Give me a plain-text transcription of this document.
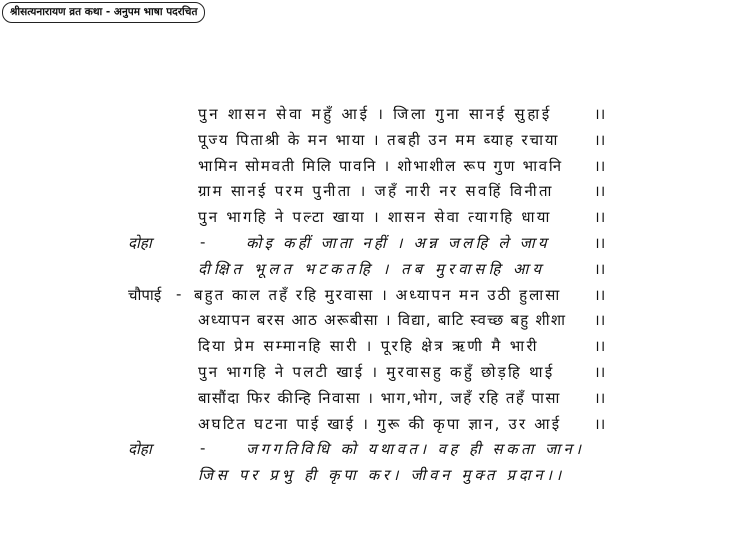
श्रीसत्यनारायण व्रत कथा - अनुपम भाषा पदरचित
पुन शासन सेवा महुँ आई । जिला गुना सानई सुहाई	।।
पूज्य पिताश्री के मन भाया । तबही उन मम ब्याह रचाया ।।
भामिन सोमवती मिलि पावनि । शोभाशील रूप गुण भावनि ।।
ग्राम सानई परम पुनीता । जहँ नारी नर सवहिं विनीता	।।
पुन भागहि ने पल्टा खाया । शासन सेवा त्यागहि धाया	।।
दोहा	-	कोइ कहीं जाता नहीं । अन्न जलहि ले जाय	।।
दीक्षित भूलत भटकतहि । तब मुरवासहि आय	।।
चौपाई - बहुत काल तहँ रहि मुरवासा । अध्यापन मन उठी हुलासा ।।
अध्यापन बरस आठ अरूबीसा । विद्या, बाटि स्वच्छ बहु शीशा ।।
दिया प्रेम सम्मानहि सारी । पूरहि क्षेत्र ऋणी मै भारी	।।
पुन भागहि ने पलटी खाई । मुरवासहु कहुँ छोड़हि थाई	।।
बासौंदा फिर कीन्हि निवासा । भाग,भोग, जहँ रहि तहँ पासा ।।
अघटित घटना पाई खाई । गुरू की कृपा ज्ञान, उर आई ।।
दोहा	-	जगगतिविधि को यथावत। वह ही सकता जान।
जिस पर प्रभु ही कृपा कर। जीवन मुक्त प्रदान।।
